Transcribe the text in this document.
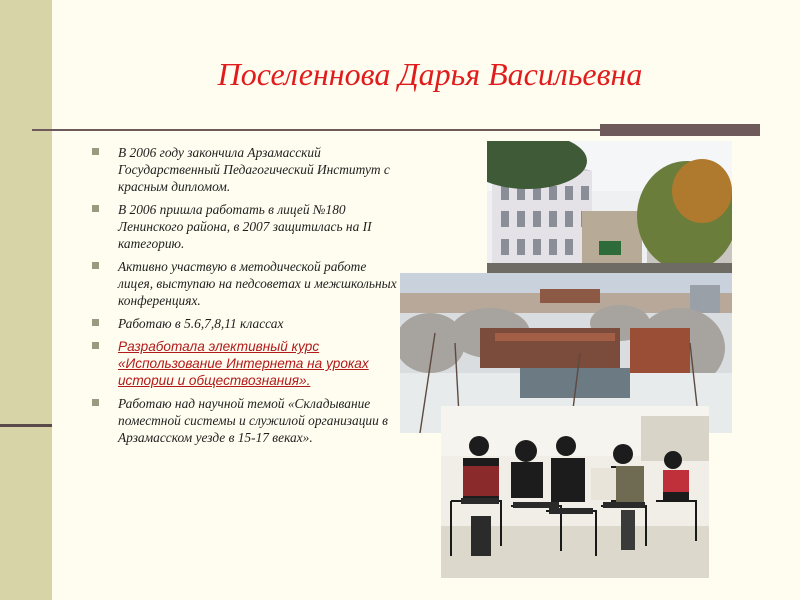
Поселеннова Дарья Васильевна
В 2006 году закончила Арзамасский Государственный Педагогический Институт с красным дипломом.
В 2006 пришла работать в лицей №180 Ленинского района, в 2007 защитилась на II категорию.
Активно участвую в методической работе лицея, выступаю на педсоветах и межшкольных конференциях.
Работаю в 5.6,7,8,11 классах
Разработала элективный курс «Использование Интернета на уроках истории и обществознания».
Работаю над научной темой «Складывание поместной системы и служилой организации в Арзамасском уезде в 15-17 веках».
